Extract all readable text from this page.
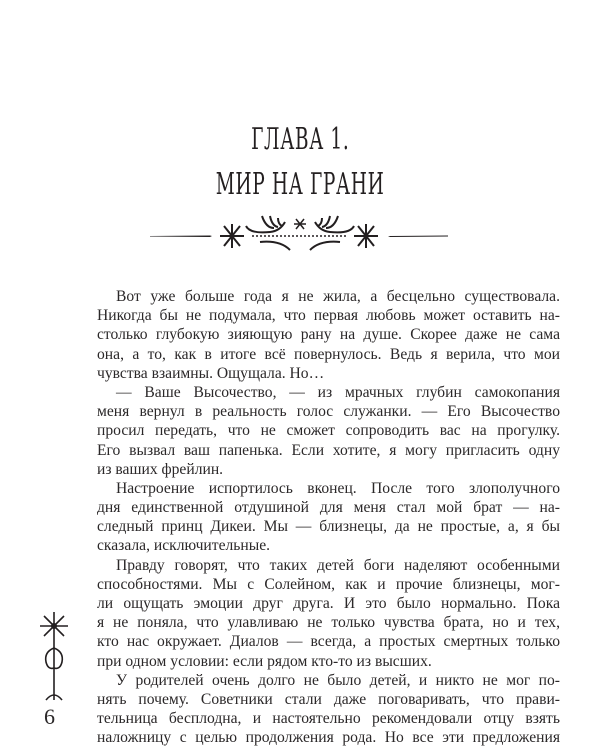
ГЛАВА 1.
МИР НА ГРАНИ
Вот уже больше года я не жила, а бесцельно существовала.
Никогда бы не подумала, что первая любовь может оставить на-
столько глубокую зияющую рану на душе. Скорее даже не сама
она, а то, как в итоге всё повернулось. Ведь я верила, что мои
чувства взаимны. Ощущала. Но…
— Ваше Высочество, — из мрачных глубин самокопания
меня вернул в реальность голос служанки. — Его Высочество
просил передать, что не сможет сопроводить вас на прогулку.
Его вызвал ваш папенька. Если хотите, я могу пригласить одну
из ваших фрейлин.
Настроение испортилось вконец. После того злополучного
дня единственной отдушиной для меня стал мой брат — на-
следный принц Дикеи. Мы — близнецы, да не простые, а, я бы
сказала, исключительные.
Правду говорят, что таких детей боги наделяют особенными
способностями. Мы с Солейном, как и прочие близнецы, мог-
ли ощущать эмоции друг друга. И это было нормально. Пока
я не поняла, что улавливаю не только чувства брата, но и тех,
кто нас окружает. Диалов — всегда, а простых смертных только
при одном условии: если рядом кто-то из высших.
У родителей очень долго не было детей, и никто не мог по-
нять почему. Советники стали даже поговаривать, что прави-
тельница бесплодна, и настоятельно рекомендовали отцу взять
наложницу с целью продолжения рода. Но все эти предложения
6
